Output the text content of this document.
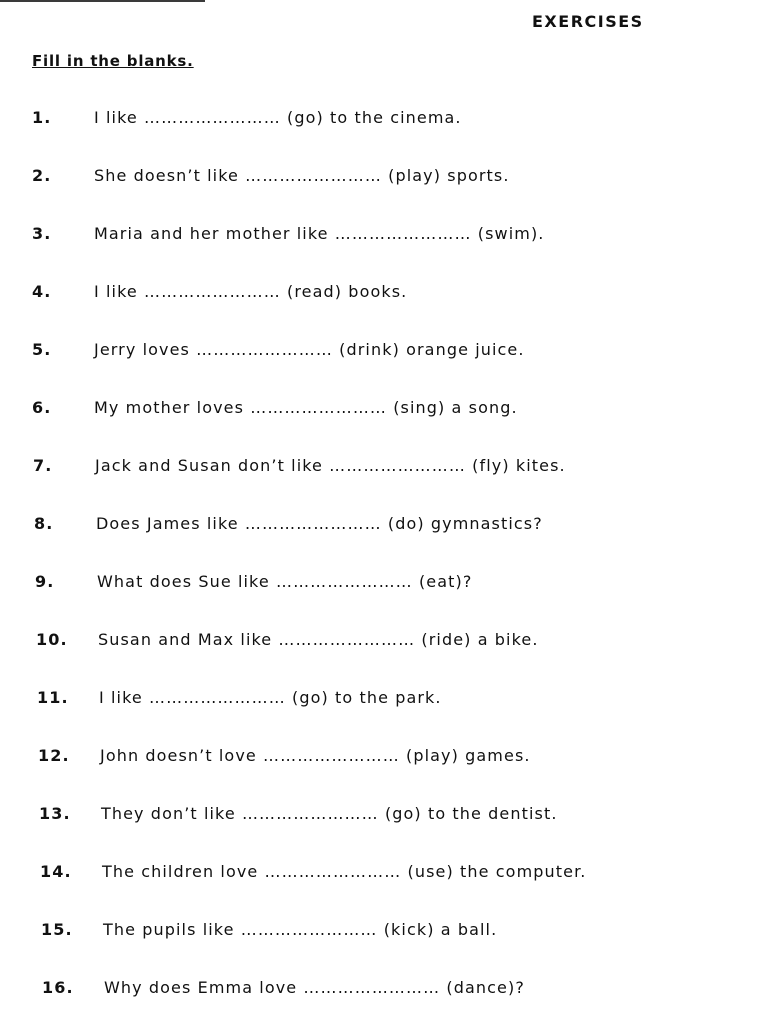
EXERCISES
Fill in the blanks.
1.	I like …………………… (go) to the cinema.
2.	She doesn’t like …………………… (play) sports.
3.	Maria and her mother like …………………… (swim).
4.	I like …………………… (read) books.
5.	Jerry loves …………………… (drink) orange juice.
6.	My mother loves …………………… (sing) a song.
7.	Jack and Susan don’t like …………………… (fly) kites.
8.	Does James like …………………… (do) gymnastics?
9.	What does Sue like …………………… (eat)?
10. Susan and Max like …………………… (ride) a bike.
11. I like …………………… (go) to the park.
12. John doesn’t love …………………… (play) games.
13. They don’t like …………………… (go) to the dentist.
14. The children love …………………… (use) the computer.
15. The pupils like …………………… (kick) a ball.
16. Why does Emma love …………………… (dance)?
